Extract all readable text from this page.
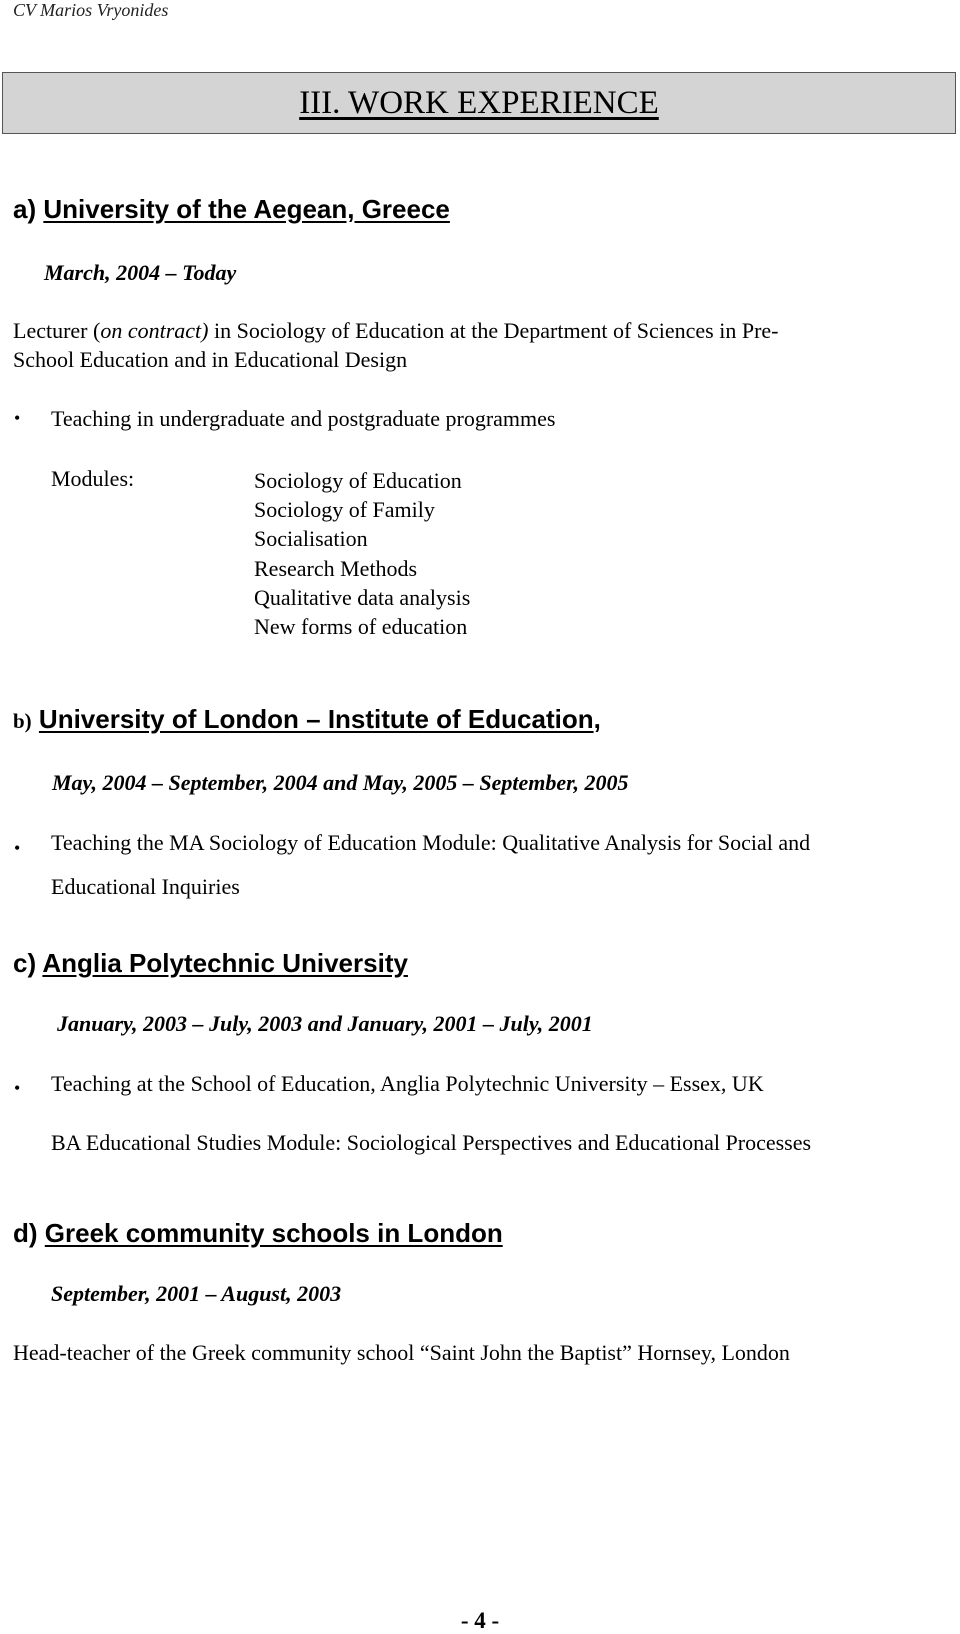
CV Marios Vryonides
III. WORK EXPERIENCE
a) University of the Aegean, Greece
March, 2004 – Today
Lecturer (on contract) in Sociology of Education at the Department of Sciences in Pre-
School Education and in Educational Design
• Teaching in undergraduate and postgraduate programmes
Modules:	Sociology of Education
Sociology of Family
Socialisation
Research Methods
Qualitative data analysis
New forms of education
b) University of London – Institute of Education,
May, 2004 – September, 2004 and May, 2005 – September, 2005
• Teaching the MA Sociology of Education Module: Qualitative Analysis for Social and
Educational Inquiries
c) Anglia Polytechnic University
January, 2003 – July, 2003 and January, 2001 – July, 2001
• Teaching at the School of Education, Anglia Polytechnic University – Essex, UK
BA Educational Studies Module: Sociological Perspectives and Educational Processes
d) Greek community schools in London
September, 2001 – August, 2003
Head-teacher of the Greek community school “Saint John the Baptist” Hornsey, London
- 4 -
